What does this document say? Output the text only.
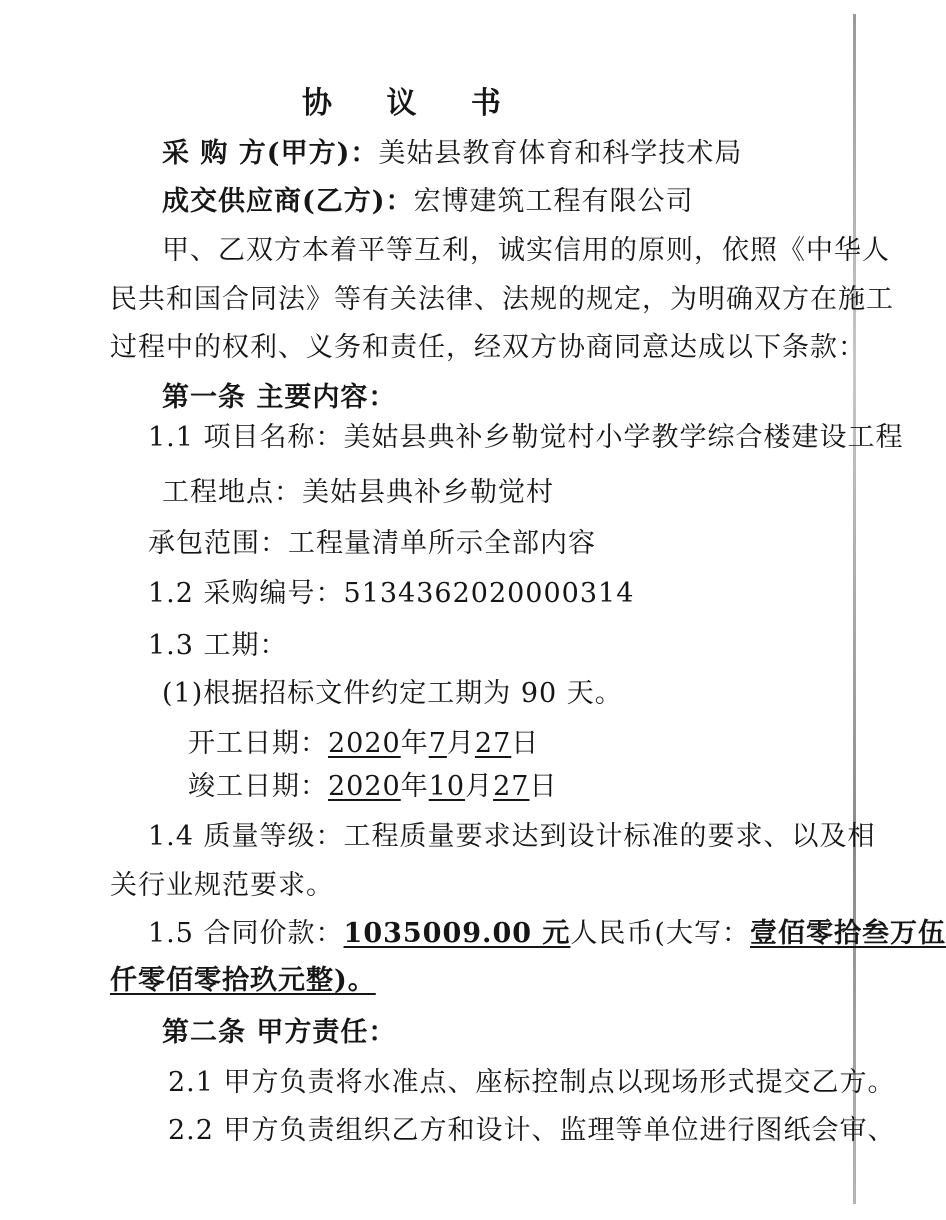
协 议 书
采 购 方(甲方)：美姑县教育体育和科学技术局
成交供应商(乙方)：宏博建筑工程有限公司
甲、乙双方本着平等互利，诚实信用的原则，依照《中华人
民共和国合同法》等有关法律、法规的规定，为明确双方在施工
过程中的权利、义务和责任，经双方协商同意达成以下条款：
第一条 主要内容：
1.1 项目名称：美姑县典补乡勒觉村小学教学综合楼建设工程
工程地点：美姑县典补乡勒觉村
承包范围：工程量清单所示全部内容
1.2 采购编号：5134362020000314
1.3 工期：
(1)根据招标文件约定工期为 90 天。
开工日期：2020年7月27日
竣工日期：2020年10月27日
1.4 质量等级：工程质量要求达到设计标准的要求、以及相
关行业规范要求。
1.5 合同价款：1035009.00 元人民币(大写：壹佰零拾叁万伍
仟零佰零拾玖元整)。
第二条 甲方责任：
2.1 甲方负责将水准点、座标控制点以现场形式提交乙方。
2.2 甲方负责组织乙方和设计、监理等单位进行图纸会审、
